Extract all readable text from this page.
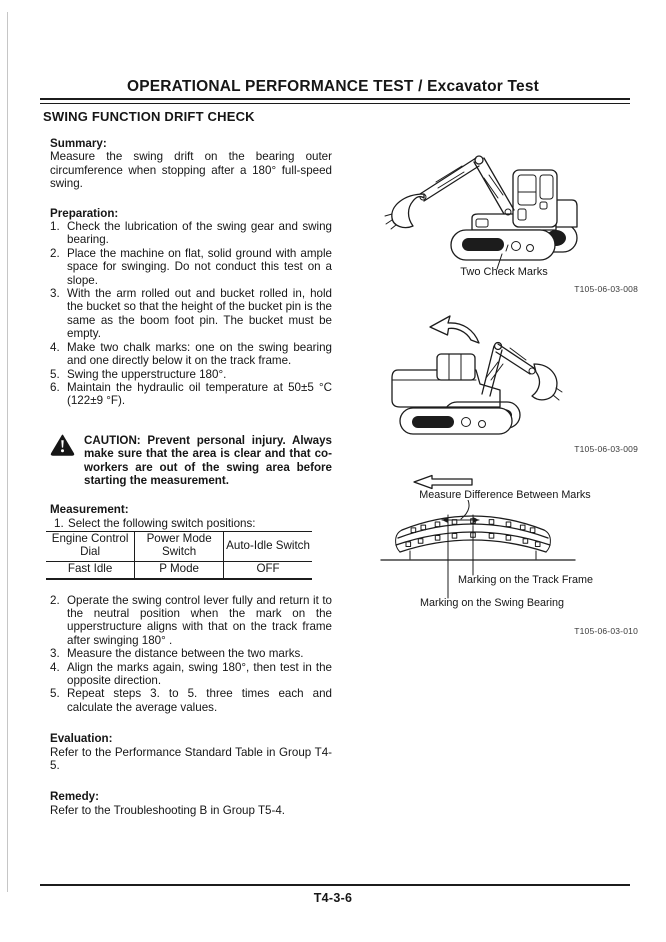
OPERATIONAL PERFORMANCE TEST / Excavator Test
SWING FUNCTION DRIFT CHECK
Summary:
Measure the swing drift on the bearing outer circumference when stopping after a 180° full-speed swing.
Preparation:
1. Check the lubrication of the swing gear and swing bearing.
2. Place the machine on flat, solid ground with ample space for swinging. Do not conduct this test on a slope.
3. With the arm rolled out and bucket rolled in, hold the bucket so that the height of the bucket pin is the same as the boom foot pin. The bucket must be empty.
4. Make two chalk marks: one on the swing bearing and one directly below it on the track frame.
5. Swing the upperstructure 180°.
6. Maintain the hydraulic oil temperature at 50±5 °C (122±9 °F).
CAUTION: Prevent personal injury. Always make sure that the area is clear and that co-workers are out of the swing area before starting the measurement.
Measurement:
1. Select the following switch positions:
Engine Control Dial	Power Mode Switch	Auto-Idle Switch
Fast Idle	P Mode	OFF
2. Operate the swing control lever fully and return it to the neutral position when the mark on the upperstructure aligns with that on the track frame after swinging 180° .
3. Measure the distance between the two marks.
4. Align the marks again, swing 180°, then test in the opposite direction.
5. Repeat steps 3. to 5. three times each and calculate the average values.
Evaluation:
Refer to the Performance Standard Table in Group T4-5.
Remedy:
Refer to the Troubleshooting B in Group T5-4.
Two Check Marks
T105-06-03-008
T105-06-03-009
Measure Difference Between Marks
Marking on the Track Frame
Marking on the Swing Bearing
T105-06-03-010
T4-3-6
